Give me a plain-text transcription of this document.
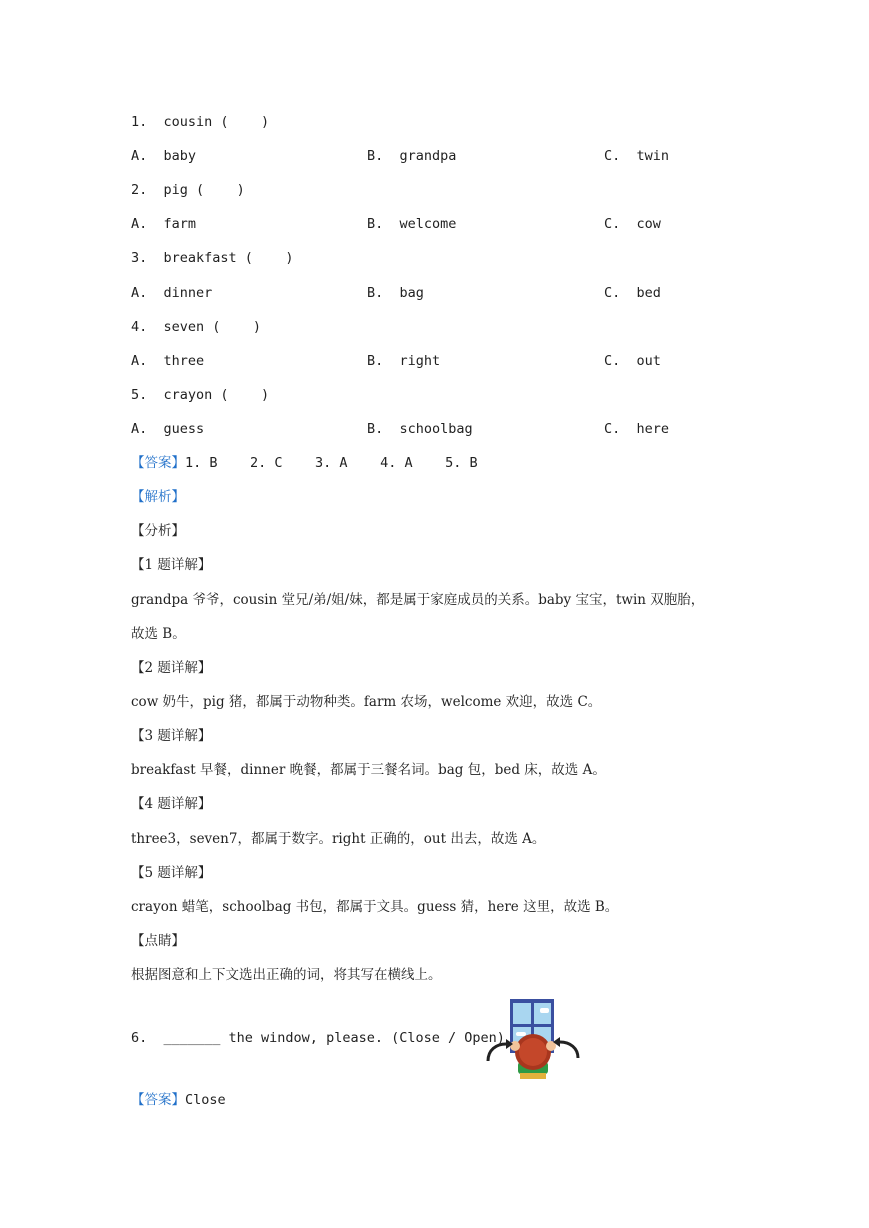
1.  cousin (    )
A.  baby	B.  grandpa	C.  twin
2.  pig (    )
A.  farm	B.  welcome	C.  cow
3.  breakfast (    )
A.  dinner	B.  bag	C.  bed
4.  seven (    )
A.  three	B.  right	C.  out
5.  crayon (    )
A.  guess	B.  schoolbag	C.  here
【答案】1. B    2. C    3. A    4. A    5. B
【解析】
【分析】
【1 题详解】
grandpa 爷爷，cousin 堂兄/弟/姐/妹，都是属于家庭成员的关系。baby 宝宝，twin 双胞胎，
故选 B。
【2 题详解】
cow 奶牛，pig 猪，都属于动物种类。farm 农场，welcome 欢迎，故选 C。
【3 题详解】
breakfast 早餐，dinner 晚餐，都属于三餐名词。bag 包，bed 床，故选 A。
【4 题详解】
three3，seven7，都属于数字。right 正确的，out 出去，故选 A。
【5 题详解】
crayon 蜡笔，schoolbag 书包，都属于文具。guess 猜，here 这里，故选 B。
【点睛】
根据图意和上下文选出正确的词，将其写在横线上。
6.  _______ the window, please. (Close / Open)
【答案】Close
